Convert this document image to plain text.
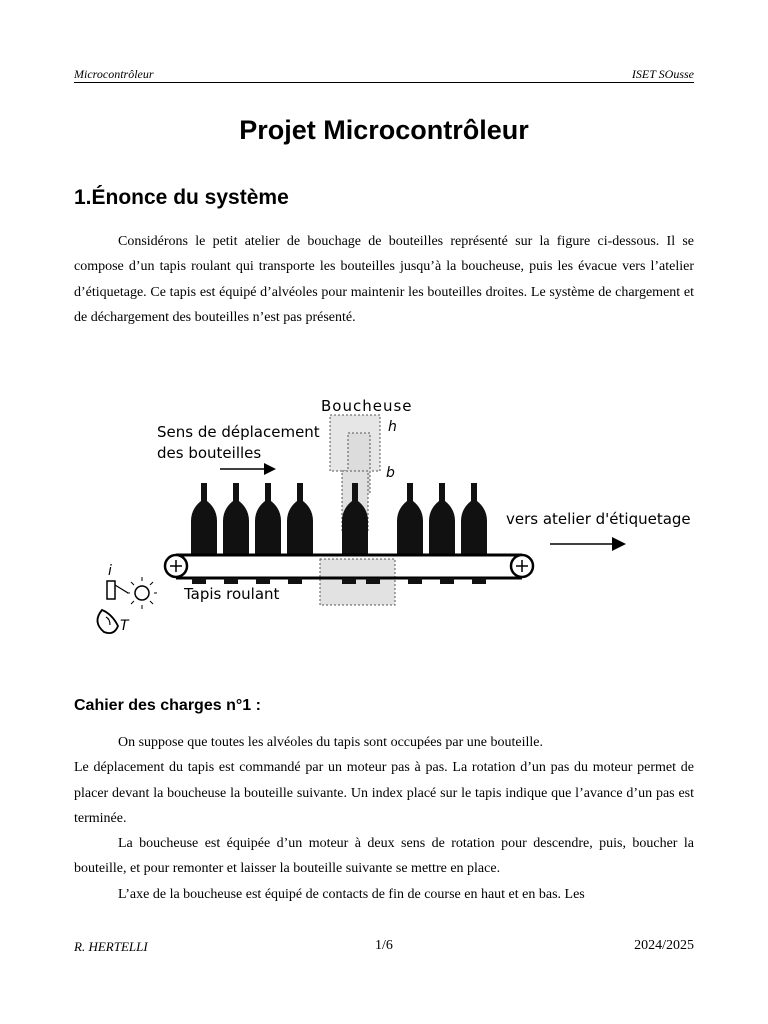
Microcontrôleur	ISET SOusse
Projet Microcontrôleur
1.Énonce du système

Considérons le petit atelier de bouchage de bouteilles représenté sur la figure ci-dessous. Il se compose d’un tapis roulant qui transporte les bouteilles jusqu’à la boucheuse, puis les évacue vers l’atelier d’étiquetage. Ce tapis est équipé d’alvéoles pour maintenir les bouteilles droites. Le système de chargement et de déchargement des bouteilles n’est pas présenté.

Boucheuse
h
b
Sens de déplacement
des bouteilles
vers atelier d'étiquetage
Tapis roulant
i
T
Cahier des charges n°1 :

On suppose que toutes les alvéoles du tapis sont occupées par une bouteille.

Le déplacement du tapis est commandé par un moteur pas à pas. La rotation d’un pas du moteur permet de placer devant la boucheuse la bouteille suivante. Un index placé sur le tapis indique que l’avance d’un pas est terminée.

La boucheuse est équipée d’un moteur à deux sens de rotation pour descendre, puis, boucher la bouteille, et pour remonter et laisser la bouteille suivante se mettre en place.

L’axe de la boucheuse est équipé de contacts de fin de course en haut et en bas. Les

R. HERTELLI	1/6	2024/2025
